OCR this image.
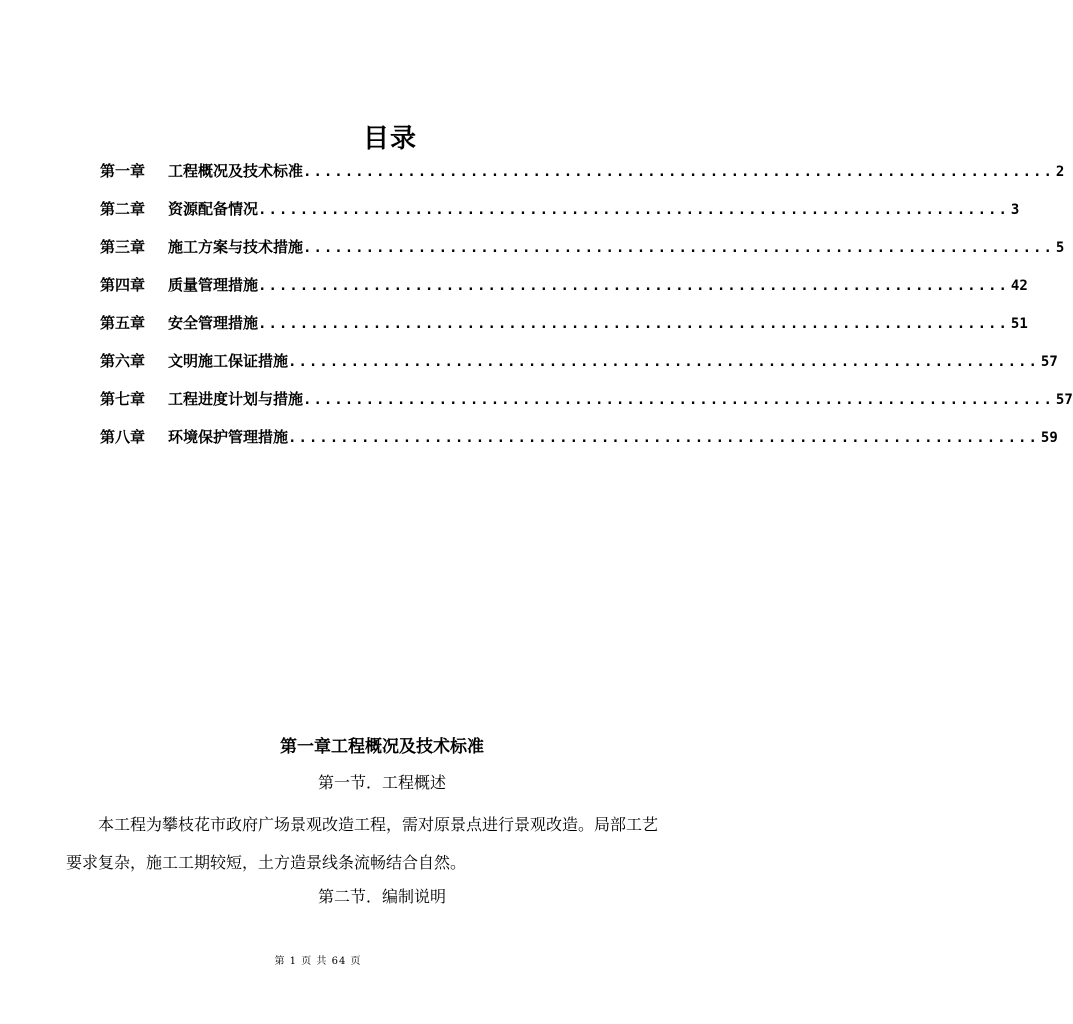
目录
第一章	工程概况及技术标准 ........................................................................ 2
第二章	资源配备情况 ........................................................................ 3
第三章	施工方案与技术措施 ........................................................................ 5
第四章	质量管理措施 ........................................................................ 42
第五章	安全管理措施 ........................................................................ 51
第六章	文明施工保证措施 ........................................................................ 57
第七章	工程进度计划与措施 ........................................................................ 57
第八章	环境保护管理措施 ........................................................................ 59
第一章工程概况及技术标准
第一节．工程概述

本工程为攀枝花市政府广场景观改造工程，需对原景点进行景观改造。局部工艺 要求复杂，施工工期较短，土方造景线条流畅结合自然。

第二节．编制说明
第 1 页 共 64 页
